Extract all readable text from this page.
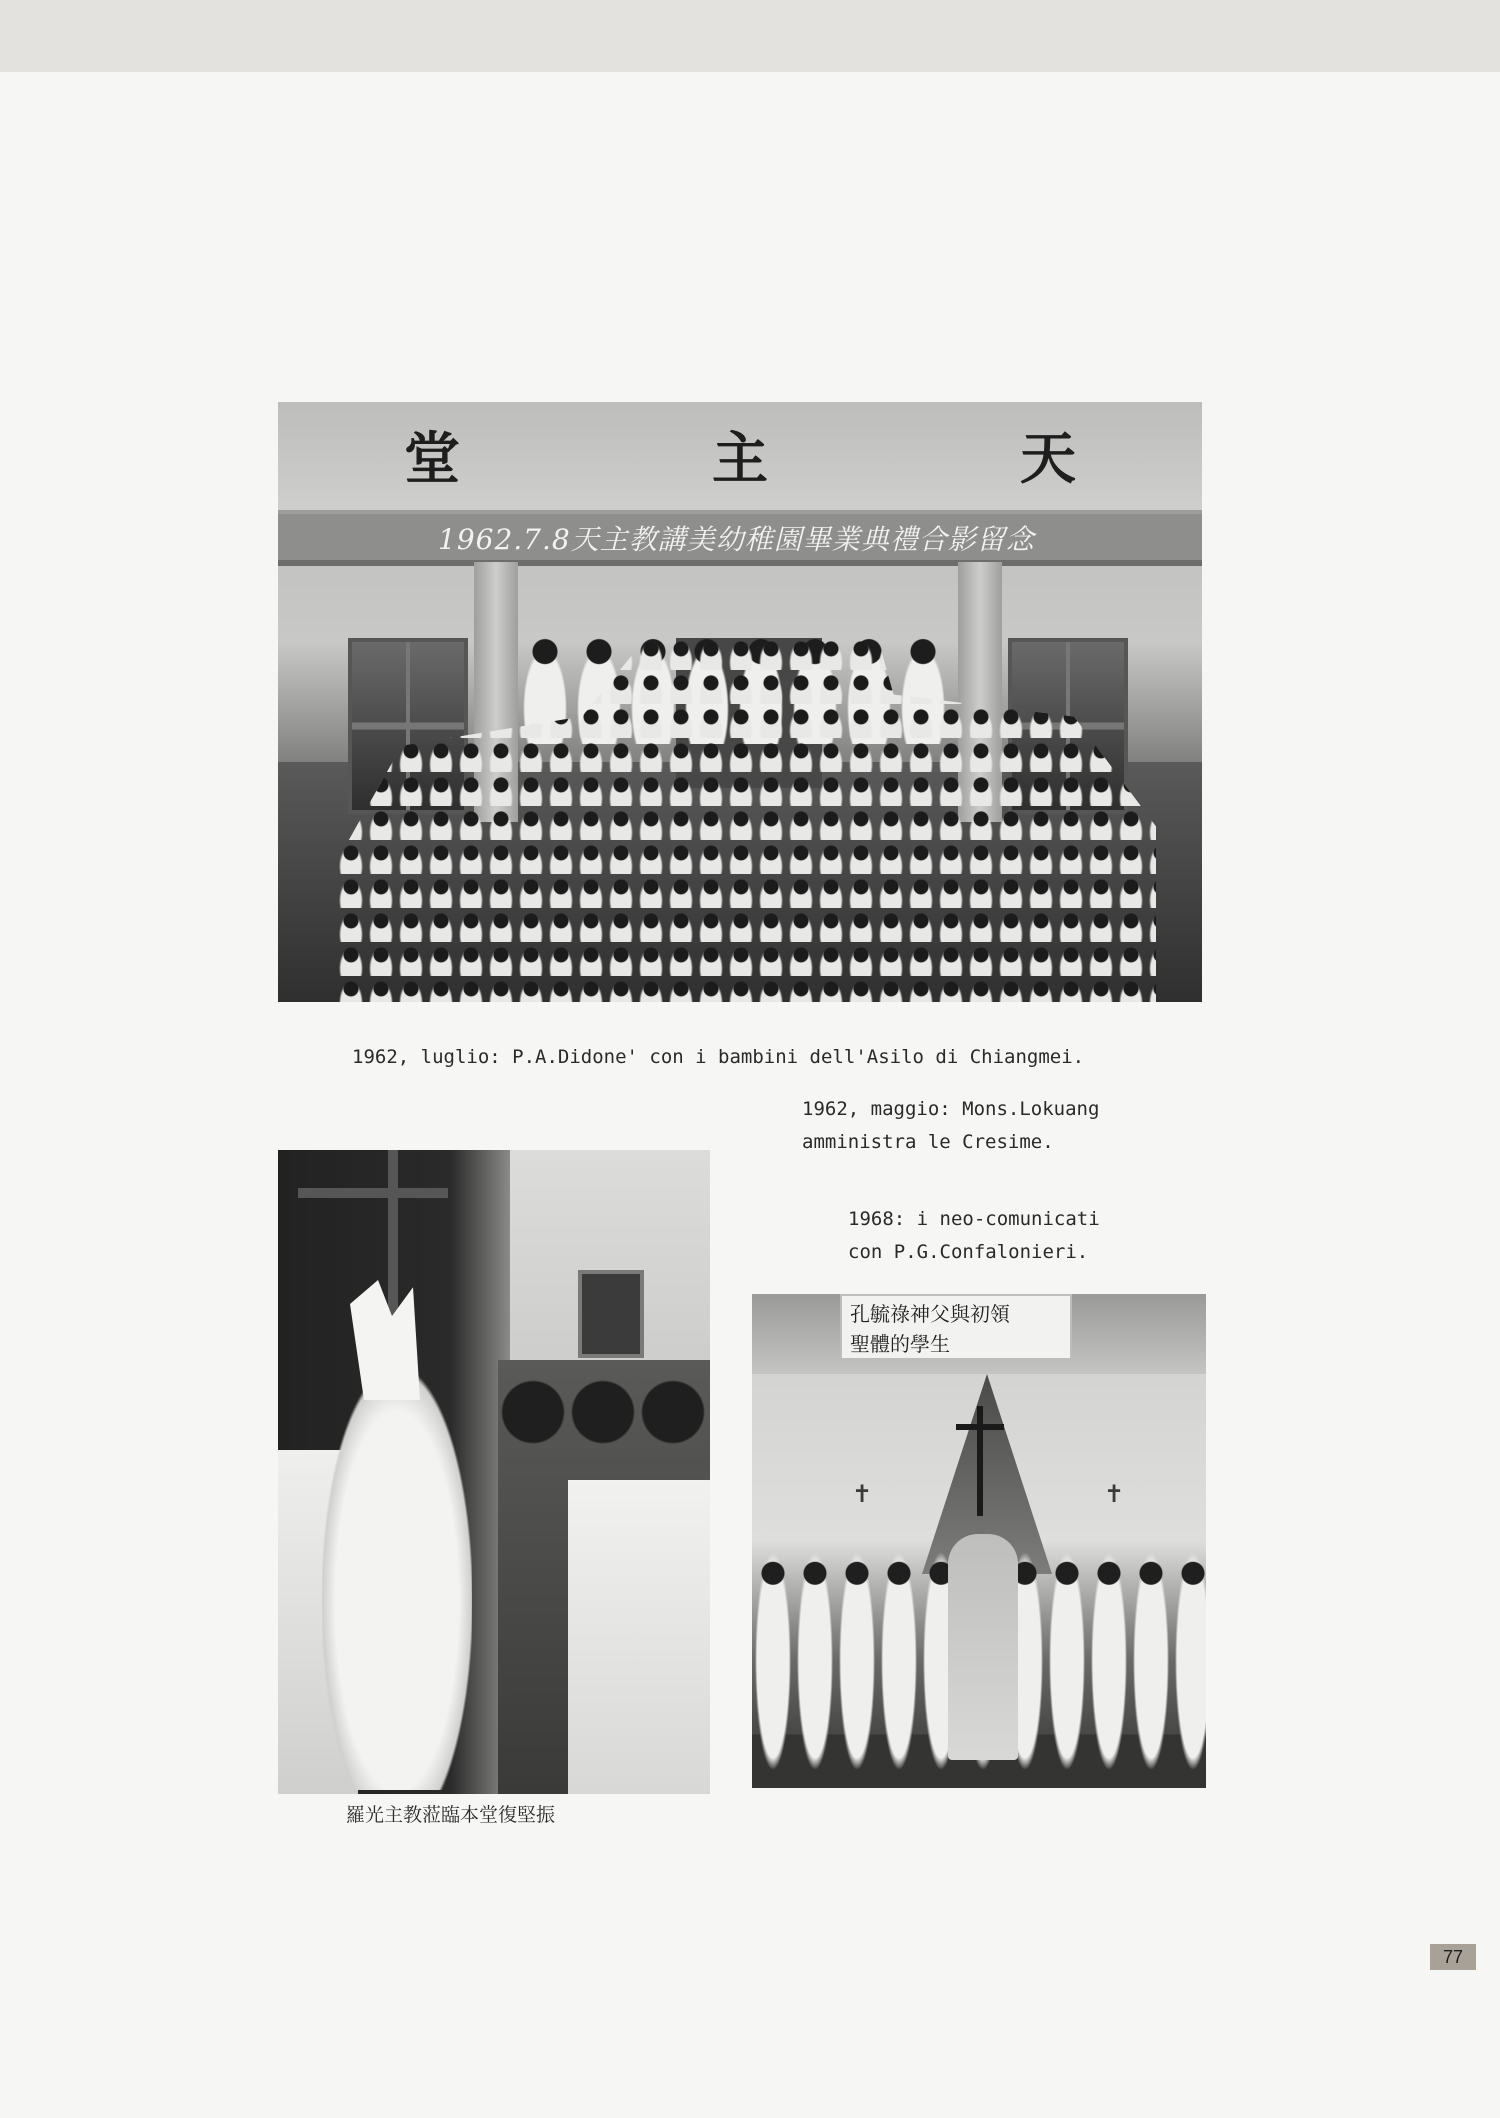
堂	主	天
1962.7.8天主教講美幼稚園畢業典禮合影留念
1962, luglio: P.A.Didone' con i bambini dell'Asilo di Chiangmei.
1962, maggio: Mons.Lokuang
amministra le Cresime.
1968: i neo-comunicati
con P.G.Confalonieri.
孔毓祿神父與初領
聖體的學生
✝	✝
羅光主教蒞臨本堂復堅振
77
